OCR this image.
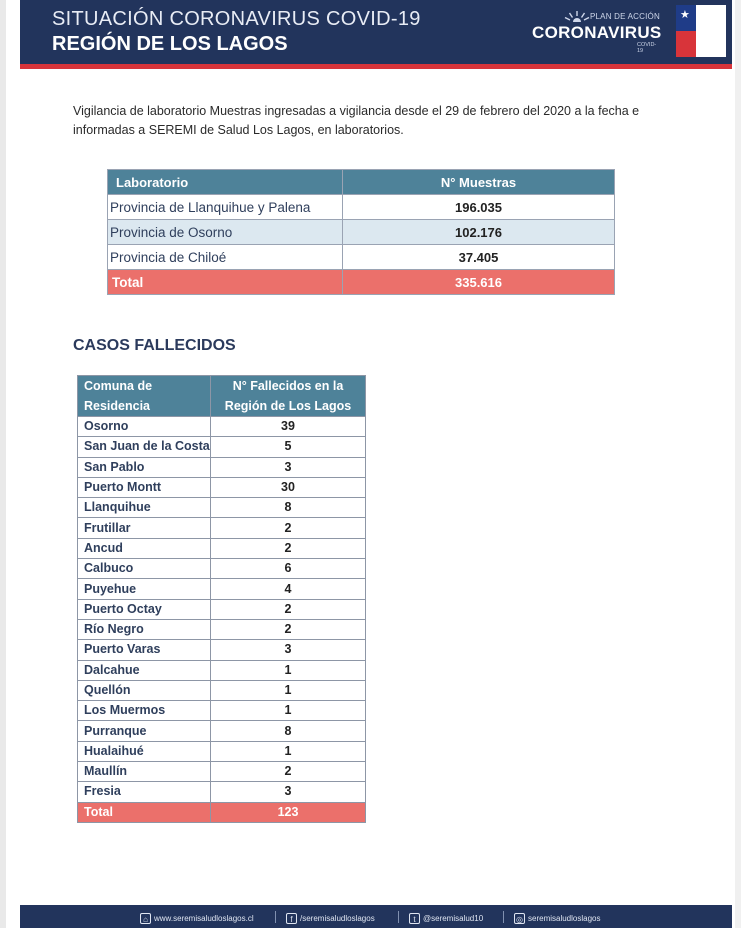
SITUACIÓN CORONAVIRUS COVID-19
REGIÓN DE LOS LAGOS
PLAN DE ACCIÓN
CORONAVIRUS
COVID-19
★
Vigilancia de laboratorio Muestras ingresadas a vigilancia desde el 29 de febrero del 2020 a la fecha e informadas a SEREMI de Salud Los Lagos, en laboratorios.
Laboratorio	N° Muestras
Provincia de Llanquihue y Palena	196.035
Provincia de Osorno	102.176
Provincia de Chiloé	37.405
Total	335.616
CASOS FALLECIDOS
Comuna de Residencia	N° Fallecidos en la Región de Los Lagos
Osorno	39
San Juan de la Costa	5
San Pablo	3
Puerto Montt	30
Llanquihue	8
Frutillar	2
Ancud	2
Calbuco	6
Puyehue	4
Puerto Octay	2
Río Negro	2
Puerto Varas	3
Dalcahue	1
Quellón	1
Los Muermos	1
Purranque	8
Hualaihué	1
Maullín	2
Fresia	3
Total	123
⌂ www.seremisaludloslagos.cl	f /seremisaludloslagos	t @seremisalud10	◎ seremisaludloslagos
